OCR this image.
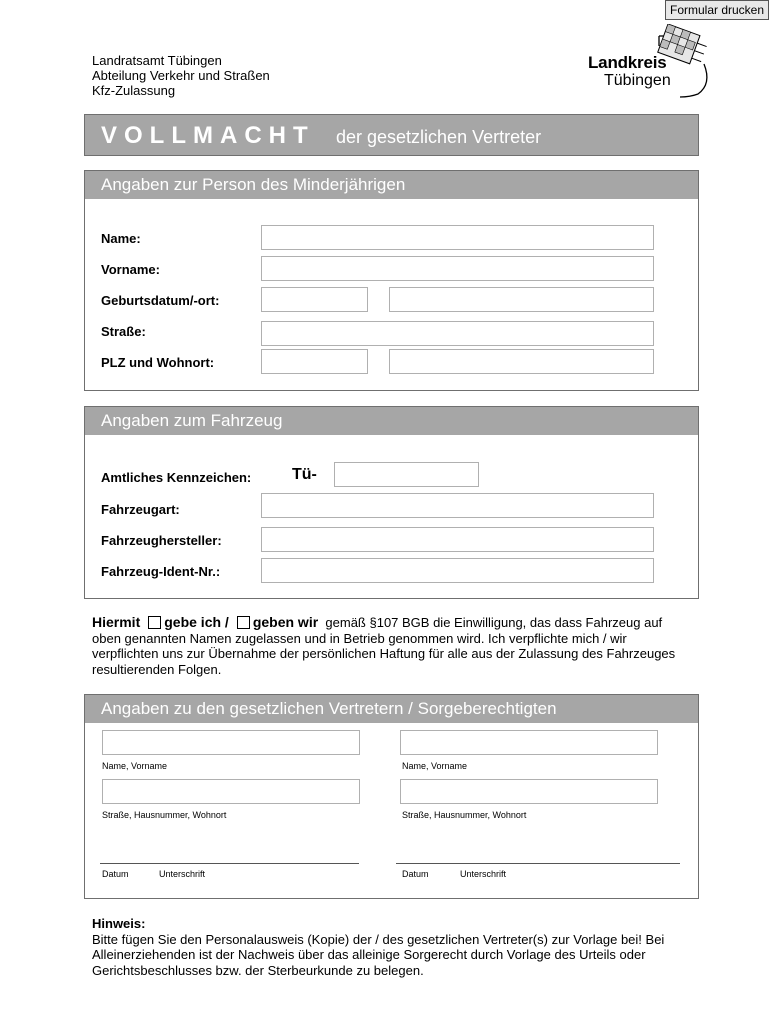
Formular drucken
Landratsamt Tübingen
Abteilung Verkehr und Straßen
Kfz-Zulassung
Landkreis
Tübingen
VOLLMACHT der gesetzlichen Vertreter
Angaben zur Person des Minderjährigen
Name:
Vorname:
Geburtsdatum/-ort:
Straße:
PLZ und Wohnort:
Angaben zum Fahrzeug
Amtliches Kennzeichen:	Tü-
Fahrzeugart:
Fahrzeughersteller:
Fahrzeug-Ident-Nr.:
Hiermit gebe ich / geben wir gemäß §107 BGB die Einwilligung, das dass Fahrzeug auf oben genannten Namen zugelassen und in Betrieb genommen wird. Ich verpflichte mich / wir verpflichten uns zur Übernahme der persönlichen Haftung für alle aus der Zulassung des Fahrzeuges resultierenden Folgen.
Angaben zu den gesetzlichen Vertretern / Sorgeberechtigten
Name, Vorname
Straße, Hausnummer, Wohnort
Datum	Unterschrift
Name, Vorname
Straße, Hausnummer, Wohnort
Datum	Unterschrift
Hinweis:
Bitte fügen Sie den Personalausweis (Kopie) der / des gesetzlichen Vertreter(s) zur Vorlage bei! Bei Alleinerziehenden ist der Nachweis über das alleinige Sorgerecht durch Vorlage des Urteils oder Gerichtsbeschlusses bzw. der Sterbeurkunde zu belegen.
